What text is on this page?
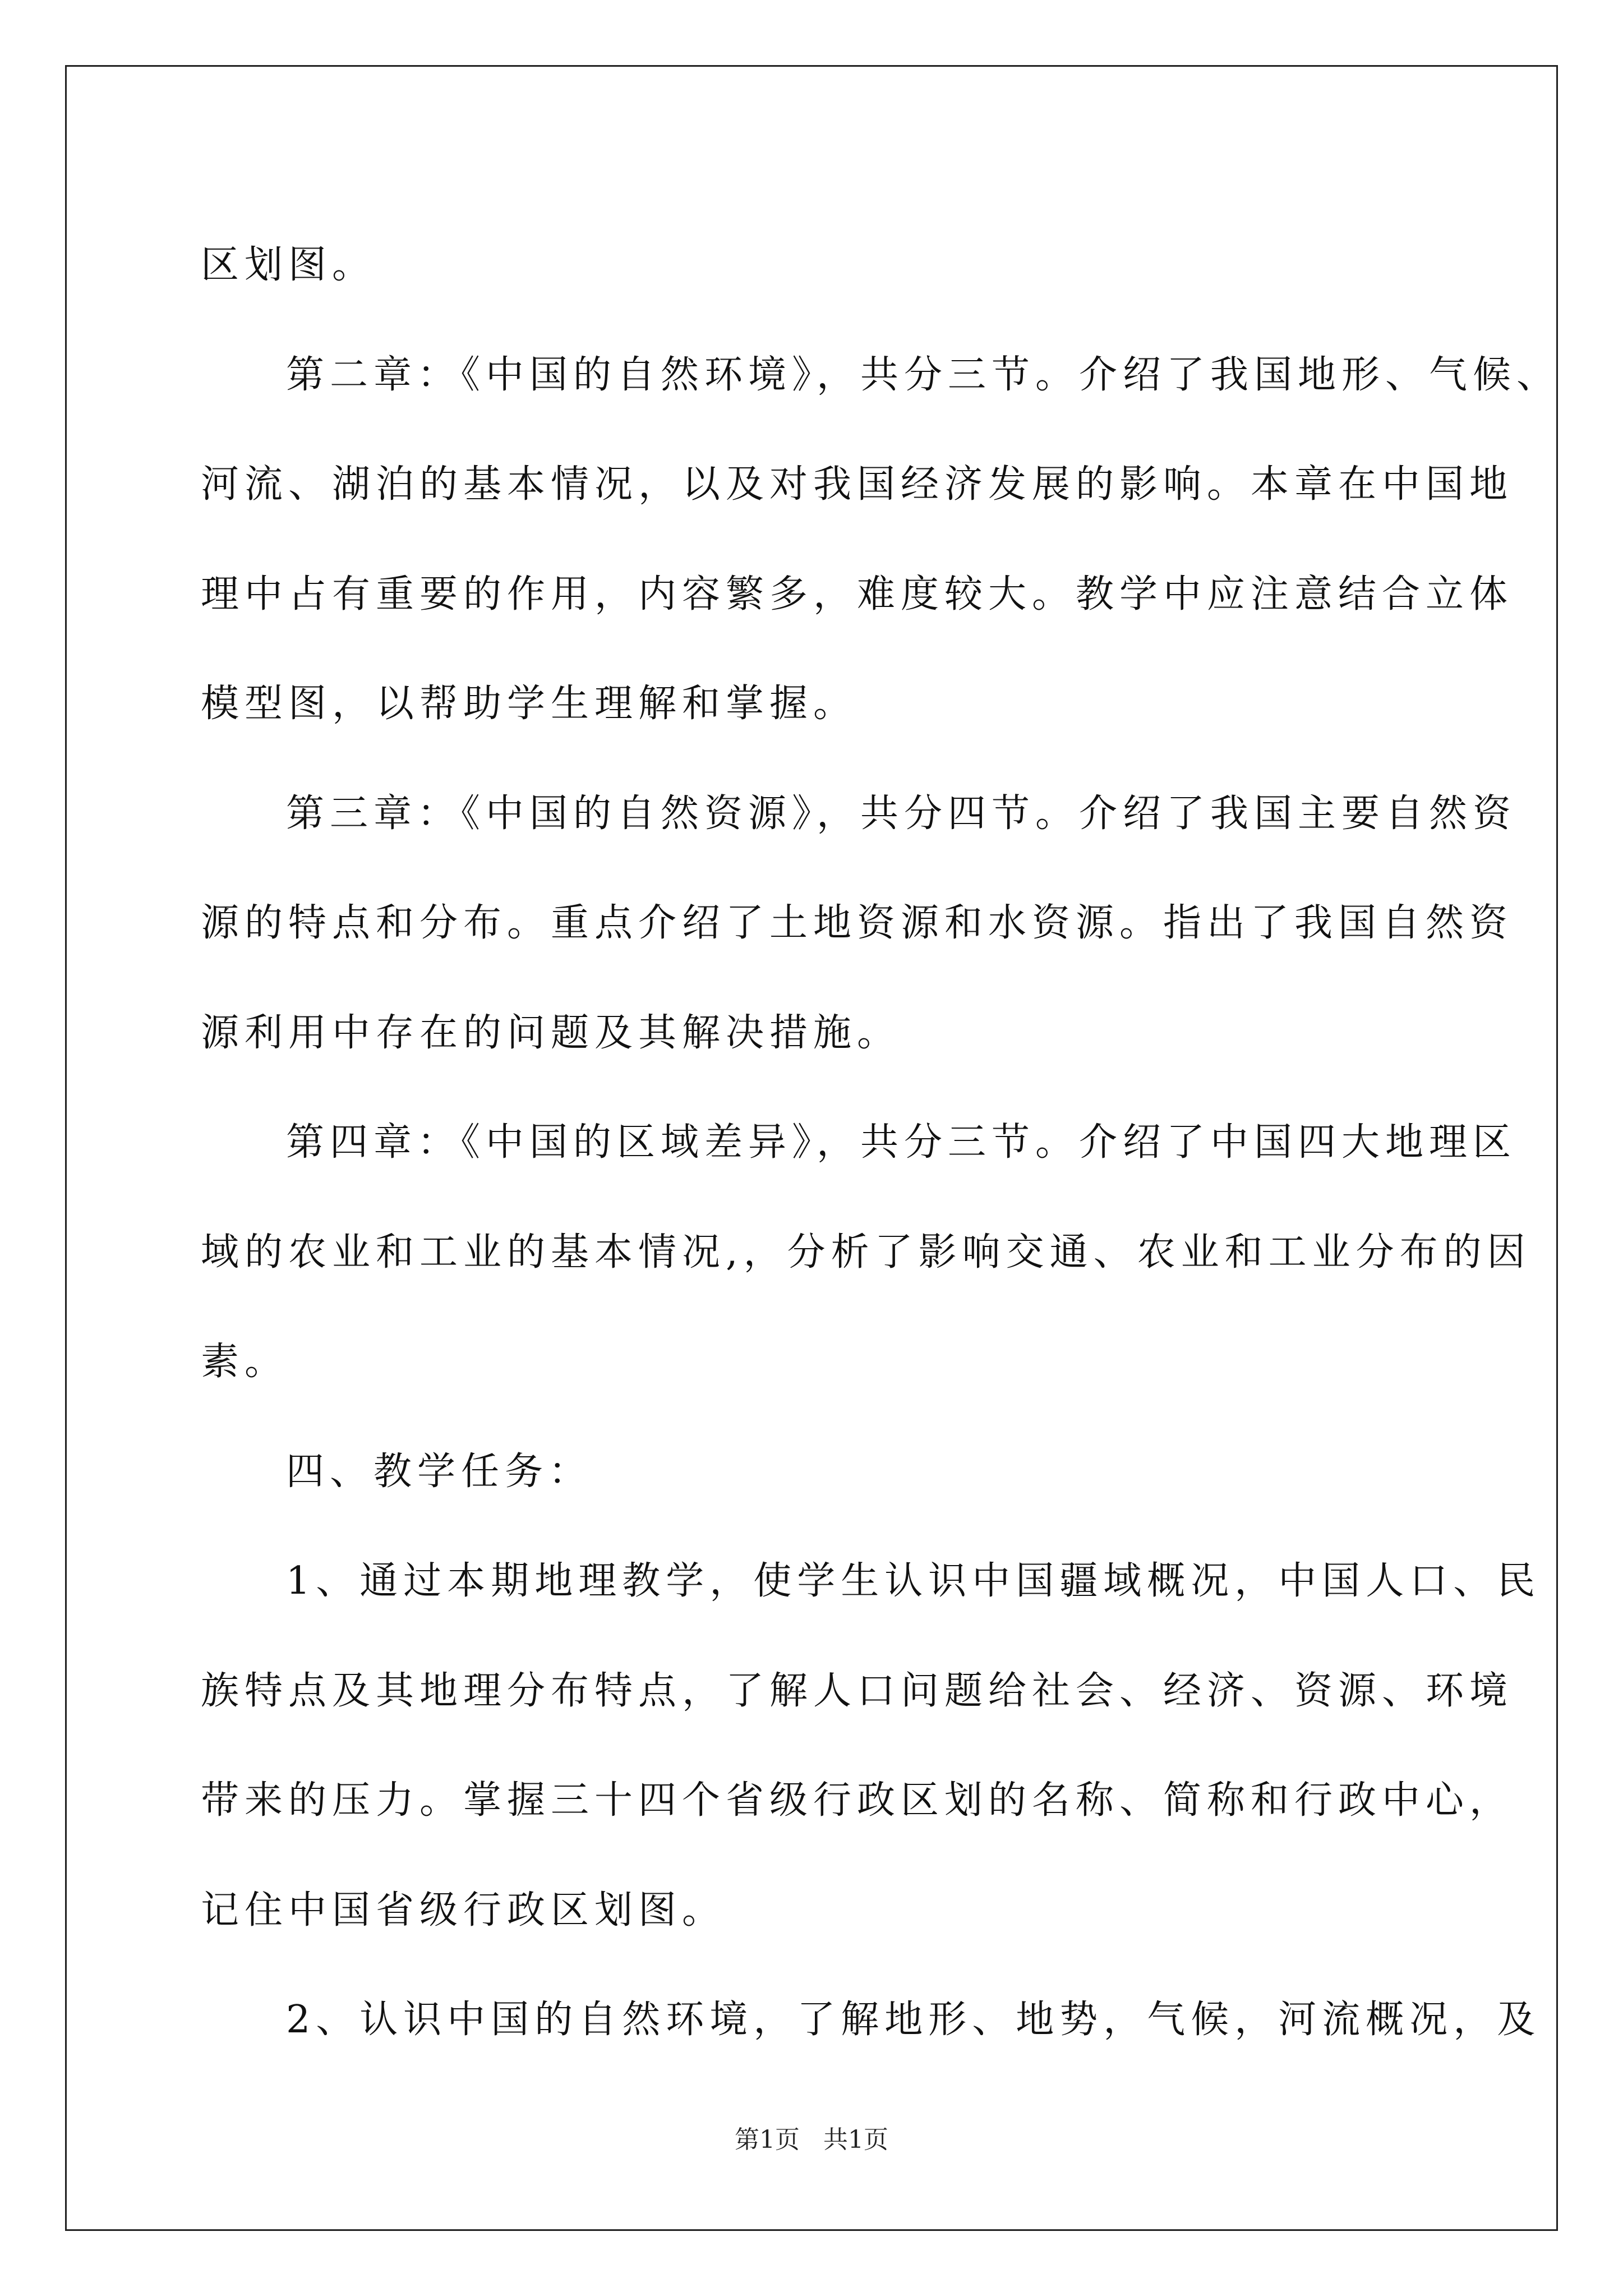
区划图。

第二章：《中国的自然环境》，共分三节。介绍了我国地形、气候、

河流、湖泊的基本情况，以及对我国经济发展的影响。本章在中国地

理中占有重要的作用，内容繁多，难度较大。教学中应注意结合立体

模型图，以帮助学生理解和掌握。

第三章：《中国的自然资源》，共分四节。介绍了我国主要自然资

源的特点和分布。重点介绍了土地资源和水资源。指出了我国自然资

源利用中存在的问题及其解决措施。

第四章：《中国的区域差异》，共分三节。介绍了中国四大地理区

域的农业和工业的基本情况,，分析了影响交通、农业和工业分布的因

素。

四、教学任务：

1、通过本期地理教学，使学生认识中国疆域概况，中国人口、民

族特点及其地理分布特点，了解人口问题给社会、经济、资源、环境

带来的压力。掌握三十四个省级行政区划的名称、简称和行政中心，

记住中国省级行政区划图。

2、认识中国的自然环境，了解地形、地势，气候，河流概况，及

第1页   共1页
